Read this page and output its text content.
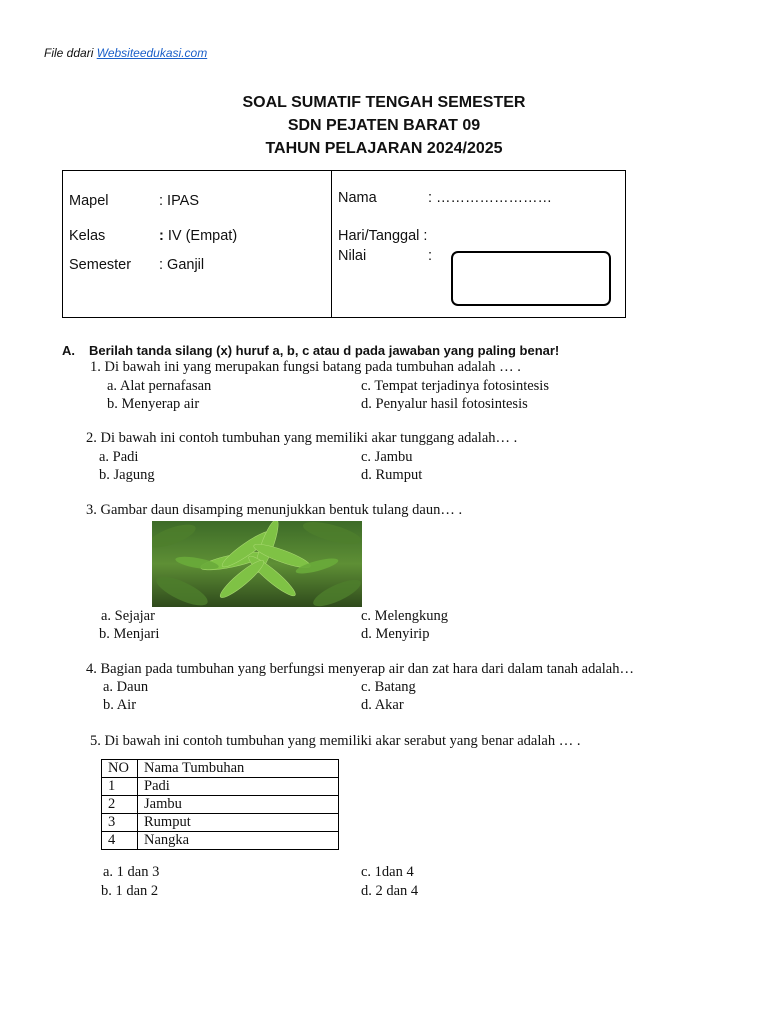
File ddari Websiteedukasi.com
SOAL SUMATIF TENGAH SEMESTER
SDN PEJATEN BARAT 09
TAHUN PELAJARAN 2024/2025
Mapel	: IPAS
Kelas	: IV (Empat)
Semester : Ganjil
Nama	: ……………………
Hari/Tanggal :
Nilai	:
A. Berilah tanda silang (x) huruf a, b, c atau d pada jawaban yang paling benar!
1. Di bawah ini yang merupakan fungsi batang pada tumbuhan adalah … .
a. Alat pernafasan
b. Menyerap air
c. Tempat terjadinya fotosintesis
d. Penyalur hasil fotosintesis
2. Di bawah ini contoh tumbuhan yang memiliki akar tunggang adalah… .
a. Padi
b. Jagung
c. Jambu
d. Rumput
3. Gambar daun disamping menunjukkan bentuk tulang daun… .
a. Sejajar
b. Menjari
c. Melengkung
d. Menyirip
4. Bagian pada tumbuhan yang berfungsi menyerap air dan zat hara dari dalam tanah adalah…
a. Daun
b. Air
c. Batang
d. Akar
5. Di bawah ini contoh tumbuhan yang memiliki akar serabut yang benar adalah … .
NO	Nama Tumbuhan
1	Padi
2	Jambu
3	Rumput
4	Nangka
a. 1 dan 3
b. 1 dan 2
c. 1dan 4
d. 2 dan 4
